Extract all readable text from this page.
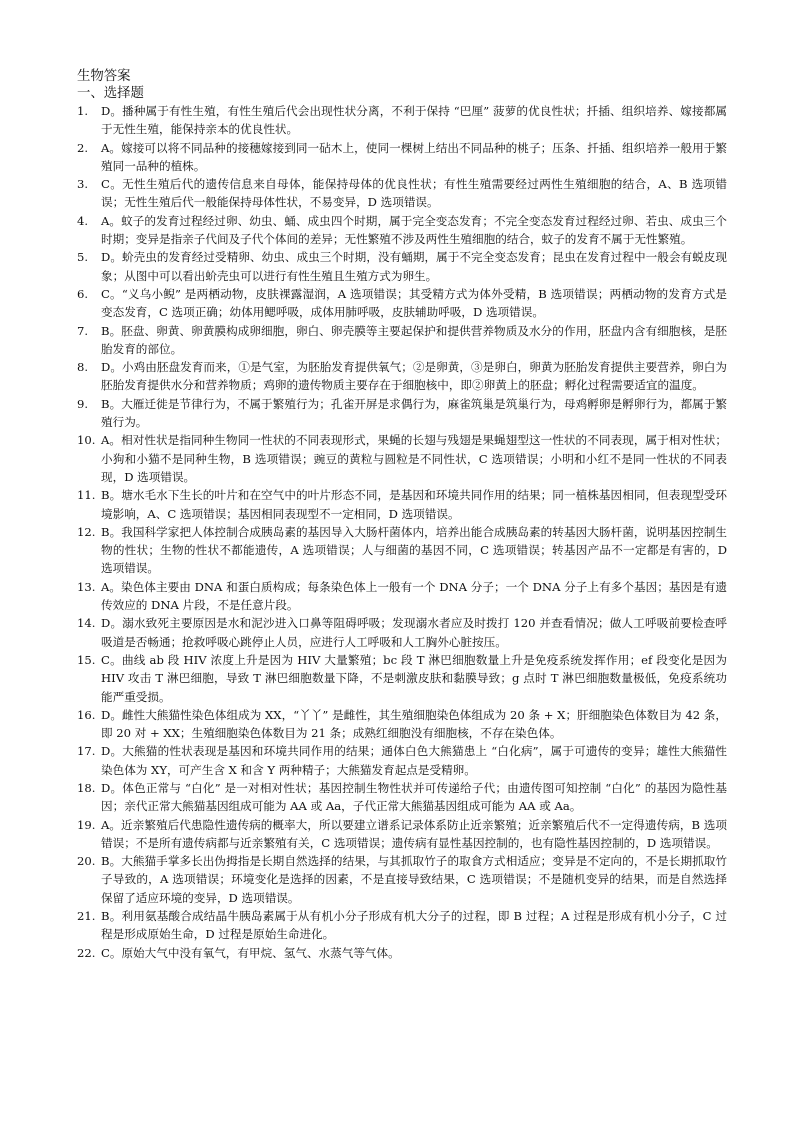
生物答案
一、选择题
1.	D。播种属于有性生殖，有性生殖后代会出现性状分离，不利于保持 “巴厘” 菠萝的优良性状；扦插、组织培养、嫁接都属于无性生殖，能保持亲本的优良性状。
2.	A。嫁接可以将不同品种的接穗嫁接到同一砧木上，使同一棵树上结出不同品种的桃子；压条、扦插、组织培养一般用于繁殖同一品种的植株。
3.	C。无性生殖后代的遗传信息来自母体，能保持母体的优良性状；有性生殖需要经过两性生殖细胞的结合，A、B 选项错误；无性生殖后代一般能保持母体性状，不易变异，D 选项错误。
4.	A。蚊子的发育过程经过卵、幼虫、蛹、成虫四个时期，属于完全变态发育；不完全变态发育过程经过卵、若虫、成虫三个时期；变异是指亲子代间及子代个体间的差异；无性繁殖不涉及两性生殖细胞的结合，蚊子的发育不属于无性繁殖。
5.	D。蚧壳虫的发育经过受精卵、幼虫、成虫三个时期，没有蛹期，属于不完全变态发育；昆虫在发育过程中一般会有蜕皮现象；从图中可以看出蚧壳虫可以进行有性生殖且生殖方式为卵生。
6.	C。“义乌小鲵” 是两栖动物，皮肤裸露湿润，A 选项错误；其受精方式为体外受精，B 选项错误；两栖动物的发育方式是变态发育，C 选项正确；幼体用鳃呼吸，成体用肺呼吸，皮肤辅助呼吸，D 选项错误。
7.	B。胚盘、卵黄、卵黄膜构成卵细胞，卵白、卵壳膜等主要起保护和提供营养物质及水分的作用，胚盘内含有细胞核，是胚胎发育的部位。
8.	D。小鸡由胚盘发育而来，①是气室，为胚胎发育提供氧气；②是卵黄，③是卵白，卵黄为胚胎发育提供主要营养，卵白为胚胎发育提供水分和营养物质；鸡卵的遗传物质主要存在于细胞核中，即②卵黄上的胚盘；孵化过程需要适宜的温度。
9.	B。大雁迁徙是节律行为，不属于繁殖行为；孔雀开屏是求偶行为，麻雀筑巢是筑巢行为，母鸡孵卵是孵卵行为，都属于繁殖行为。
10. A。相对性状是指同种生物同一性状的不同表现形式，果蝇的长翅与残翅是果蝇翅型这一性状的不同表现，属于相对性状；小狗和小猫不是同种生物，B 选项错误；豌豆的黄粒与圆粒是不同性状，C 选项错误；小明和小红不是同一性状的不同表现，D 选项错误。
11. B。塘水毛水下生长的叶片和在空气中的叶片形态不同，是基因和环境共同作用的结果；同一植株基因相同，但表现型受环境影响，A、C 选项错误；基因相同表现型不一定相同，D 选项错误。
12. B。我国科学家把人体控制合成胰岛素的基因导入大肠杆菌体内，培养出能合成胰岛素的转基因大肠杆菌，说明基因控制生物的性状；生物的性状不都能遗传，A 选项错误；人与细菌的基因不同，C 选项错误；转基因产品不一定都是有害的，D 选项错误。
13. A。染色体主要由 DNA 和蛋白质构成；每条染色体上一般有一个 DNA 分子；一个 DNA 分子上有多个基因；基因是有遗传效应的 DNA 片段，不是任意片段。
14. D。溺水致死主要原因是水和泥沙进入口鼻等阻碍呼吸；发现溺水者应及时拨打 120 并查看情况；做人工呼吸前要检查呼吸道是否畅通；抢救呼吸心跳停止人员，应进行人工呼吸和人工胸外心脏按压。
15. C。曲线 ab 段 HIV 浓度上升是因为 HIV 大量繁殖；bc 段 T 淋巴细胞数量上升是免疫系统发挥作用；ef 段变化是因为 HIV 攻击 T 淋巴细胞，导致 T 淋巴细胞数量下降，不是刺激皮肤和黏膜导致；g 点时 T 淋巴细胞数量极低，免疫系统功能严重受损。
16. D。雌性大熊猫性染色体组成为 XX，“丫丫” 是雌性，其生殖细胞染色体组成为 20 条 + X；肝细胞染色体数目为 42 条，即 20 对 + XX；生殖细胞染色体数目为 21 条；成熟红细胞没有细胞核，不存在染色体。
17. D。大熊猫的性状表现是基因和环境共同作用的结果；通体白色大熊猫患上 “白化病”，属于可遗传的变异；雄性大熊猫性染色体为 XY，可产生含 X 和含 Y 两种精子；大熊猫发育起点是受精卵。
18. D。体色正常与 “白化” 是一对相对性状；基因控制生物性状并可传递给子代；由遗传图可知控制 “白化” 的基因为隐性基因；亲代正常大熊猫基因组成可能为 AA 或 Aa，子代正常大熊猫基因组成可能为 AA 或 Aa。
19. A。近亲繁殖后代患隐性遗传病的概率大，所以要建立谱系记录体系防止近亲繁殖；近亲繁殖后代不一定得遗传病，B 选项错误；不是所有遗传病都与近亲繁殖有关，C 选项错误；遗传病有显性基因控制的，也有隐性基因控制的，D 选项错误。
20. B。大熊猫手掌多长出伪拇指是长期自然选择的结果，与其抓取竹子的取食方式相适应；变异是不定向的，不是长期抓取竹子导致的，A 选项错误；环境变化是选择的因素，不是直接导致结果，C 选项错误；不是随机变异的结果，而是自然选择保留了适应环境的变异，D 选项错误。
21. B。利用氨基酸合成结晶牛胰岛素属于从有机小分子形成有机大分子的过程，即 B 过程；A 过程是形成有机小分子，C 过程是形成原始生命，D 过程是原始生命进化。
22. C。原始大气中没有氧气，有甲烷、氢气、水蒸气等气体。
